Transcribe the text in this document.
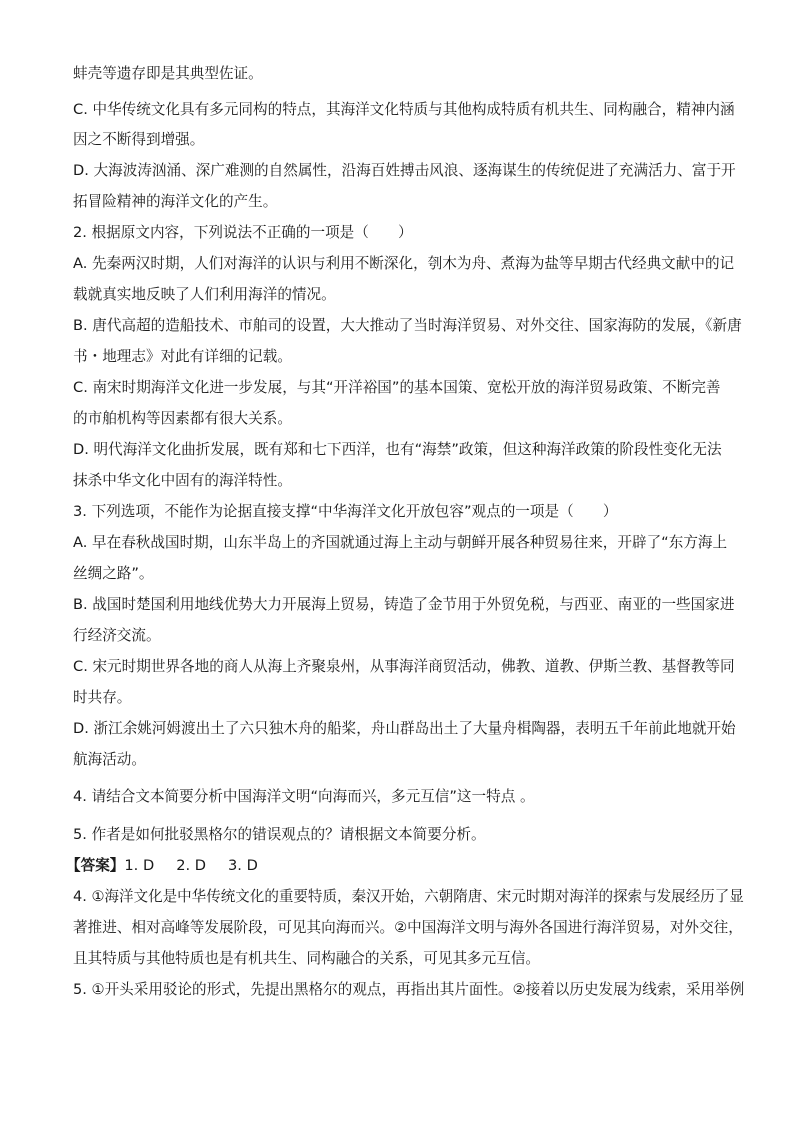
蚌壳等遗存即是其典型佐证。
C. 中华传统文化具有多元同构的特点，其海洋文化特质与其他构成特质有机共生、同构融合，精神内涵
因之不断得到增强。
D. 大海波涛汹涌、深广难测的自然属性，沿海百姓搏击风浪、逐海谋生的传统促进了充满活力、富于开
拓冒险精神的海洋文化的产生。
2. 根据原文内容，下列说法不正确的一项是（　　）
A. 先秦两汉时期，人们对海洋的认识与利用不断深化，刳木为舟、煮海为盐等早期古代经典文献中的记
载就真实地反映了人们利用海洋的情况。
B. 唐代高超的造船技术、市舶司的设置，大大推动了当时海洋贸易、对外交往、国家海防的发展，《新唐
书・地理志》对此有详细的记载。
C. 南宋时期海洋文化进一步发展，与其“开洋裕国”的基本国策、宽松开放的海洋贸易政策、不断完善
的市舶机构等因素都有很大关系。
D. 明代海洋文化曲折发展，既有郑和七下西洋，也有“海禁”政策，但这种海洋政策的阶段性变化无法
抹杀中华文化中固有的海洋特性。
3. 下列选项，不能作为论据直接支撑“中华海洋文化开放包容”观点的一项是（　　）
A. 早在春秋战国时期，山东半岛上的齐国就通过海上主动与朝鲜开展各种贸易往来，开辟了“东方海上
丝绸之路”。
B. 战国时楚国利用地线优势大力开展海上贸易，铸造了金节用于外贸免税，与西亚、南亚的一些国家进
行经济交流。
C. 宋元时期世界各地的商人从海上齐聚泉州，从事海洋商贸活动，佛教、道教、伊斯兰教、基督教等同
时共存。
D. 浙江余姚河姆渡出土了六只独木舟的船桨，舟山群岛出土了大量舟楫陶器，表明五千年前此地就开始
航海活动。
4. 请结合文本简要分析中国海洋文明“向海而兴，多元互信”这一特点 。
5. 作者是如何批驳黑格尔的错误观点的？请根据文本简要分析。
【答案】1. D 2. D 3. D
4. ①海洋文化是中华传统文化的重要特质，秦汉开始，六朝隋唐、宋元时期对海洋的探索与发展经历了显
著推进、相对高峰等发展阶段，可见其向海而兴。②中国海洋文明与海外各国进行海洋贸易，对外交往，
且其特质与其他特质也是有机共生、同构融合的关系，可见其多元互信。
5. ①开头采用驳论的形式，先提出黑格尔的观点，再指出其片面性。②接着以历史发展为线索，采用举例
